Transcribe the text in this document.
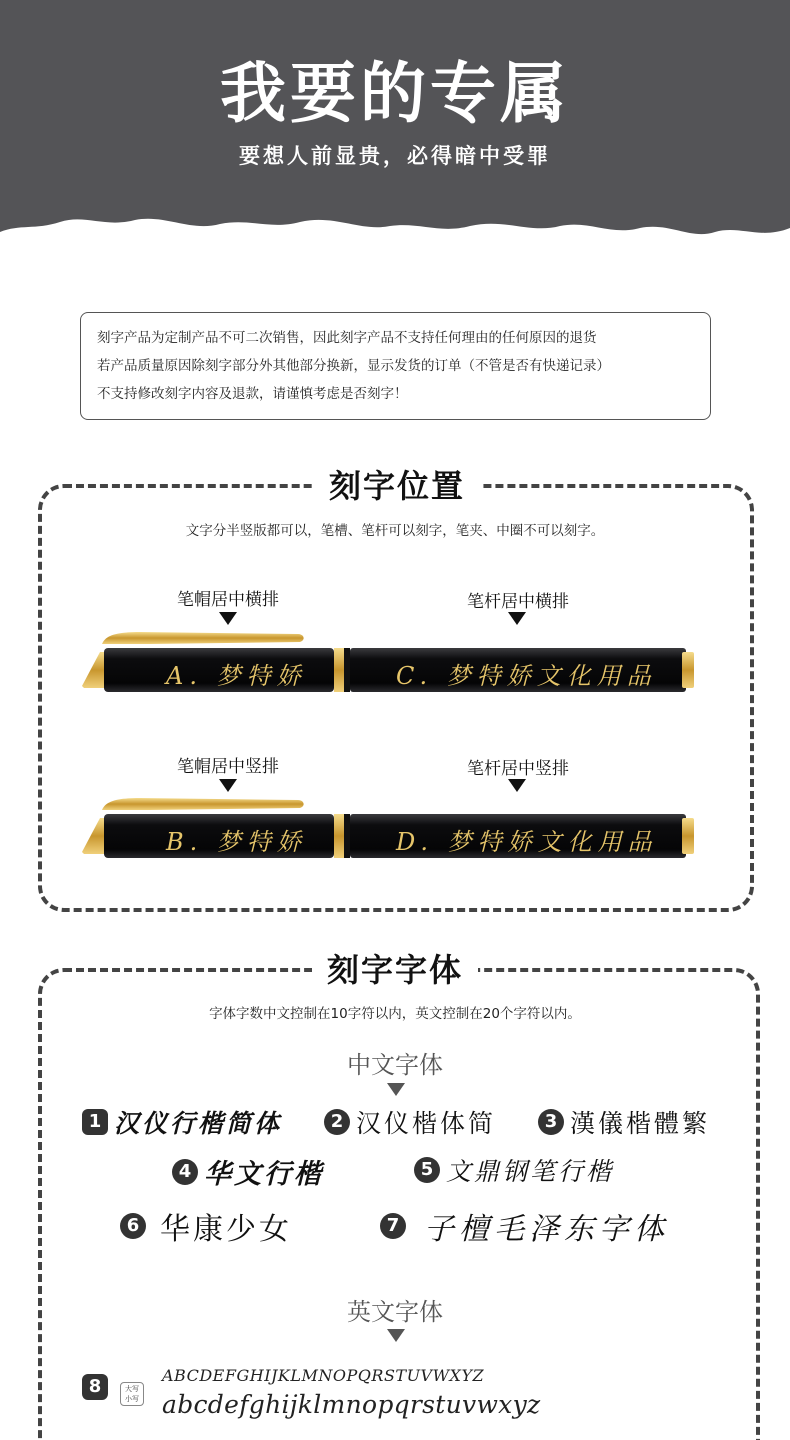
我要的专属
要想人前显贵，必得暗中受罪

刻字产品为定制产品不可二次销售，因此刻字产品不支持任何理由的任何原因的退货

若产品质量原因除刻字部分外其他部分换新，显示发货的订单（不管是否有快递记录）

不支持修改刻字内容及退款，请谨慎考虑是否刻字！

刻字位置
文字分半竖版都可以，笔槽、笔杆可以刻字，笔夹、中圈不可以刻字。
笔帽居中横排	笔杆居中横排
A. 梦特娇	C. 梦特娇文化用品
笔帽居中竖排	笔杆居中竖排
B. 梦特娇	D. 梦特娇文化用品
刻字字体
字体字数中文控制在10字符以内，英文控制在20个字符以内。
中文字体
1 汉仪行楷简体	2 汉仪楷体简	3 漢儀楷體繁
4 华文行楷	5 文鼎钢笔行楷
6 华康少女	7 子檀毛泽东字体
英文字体
8	大写
小写
ABCDEFGHIJKLMNOPQRSTUVWXYZ
abcdefghijklmnopqrstuvwxyz
